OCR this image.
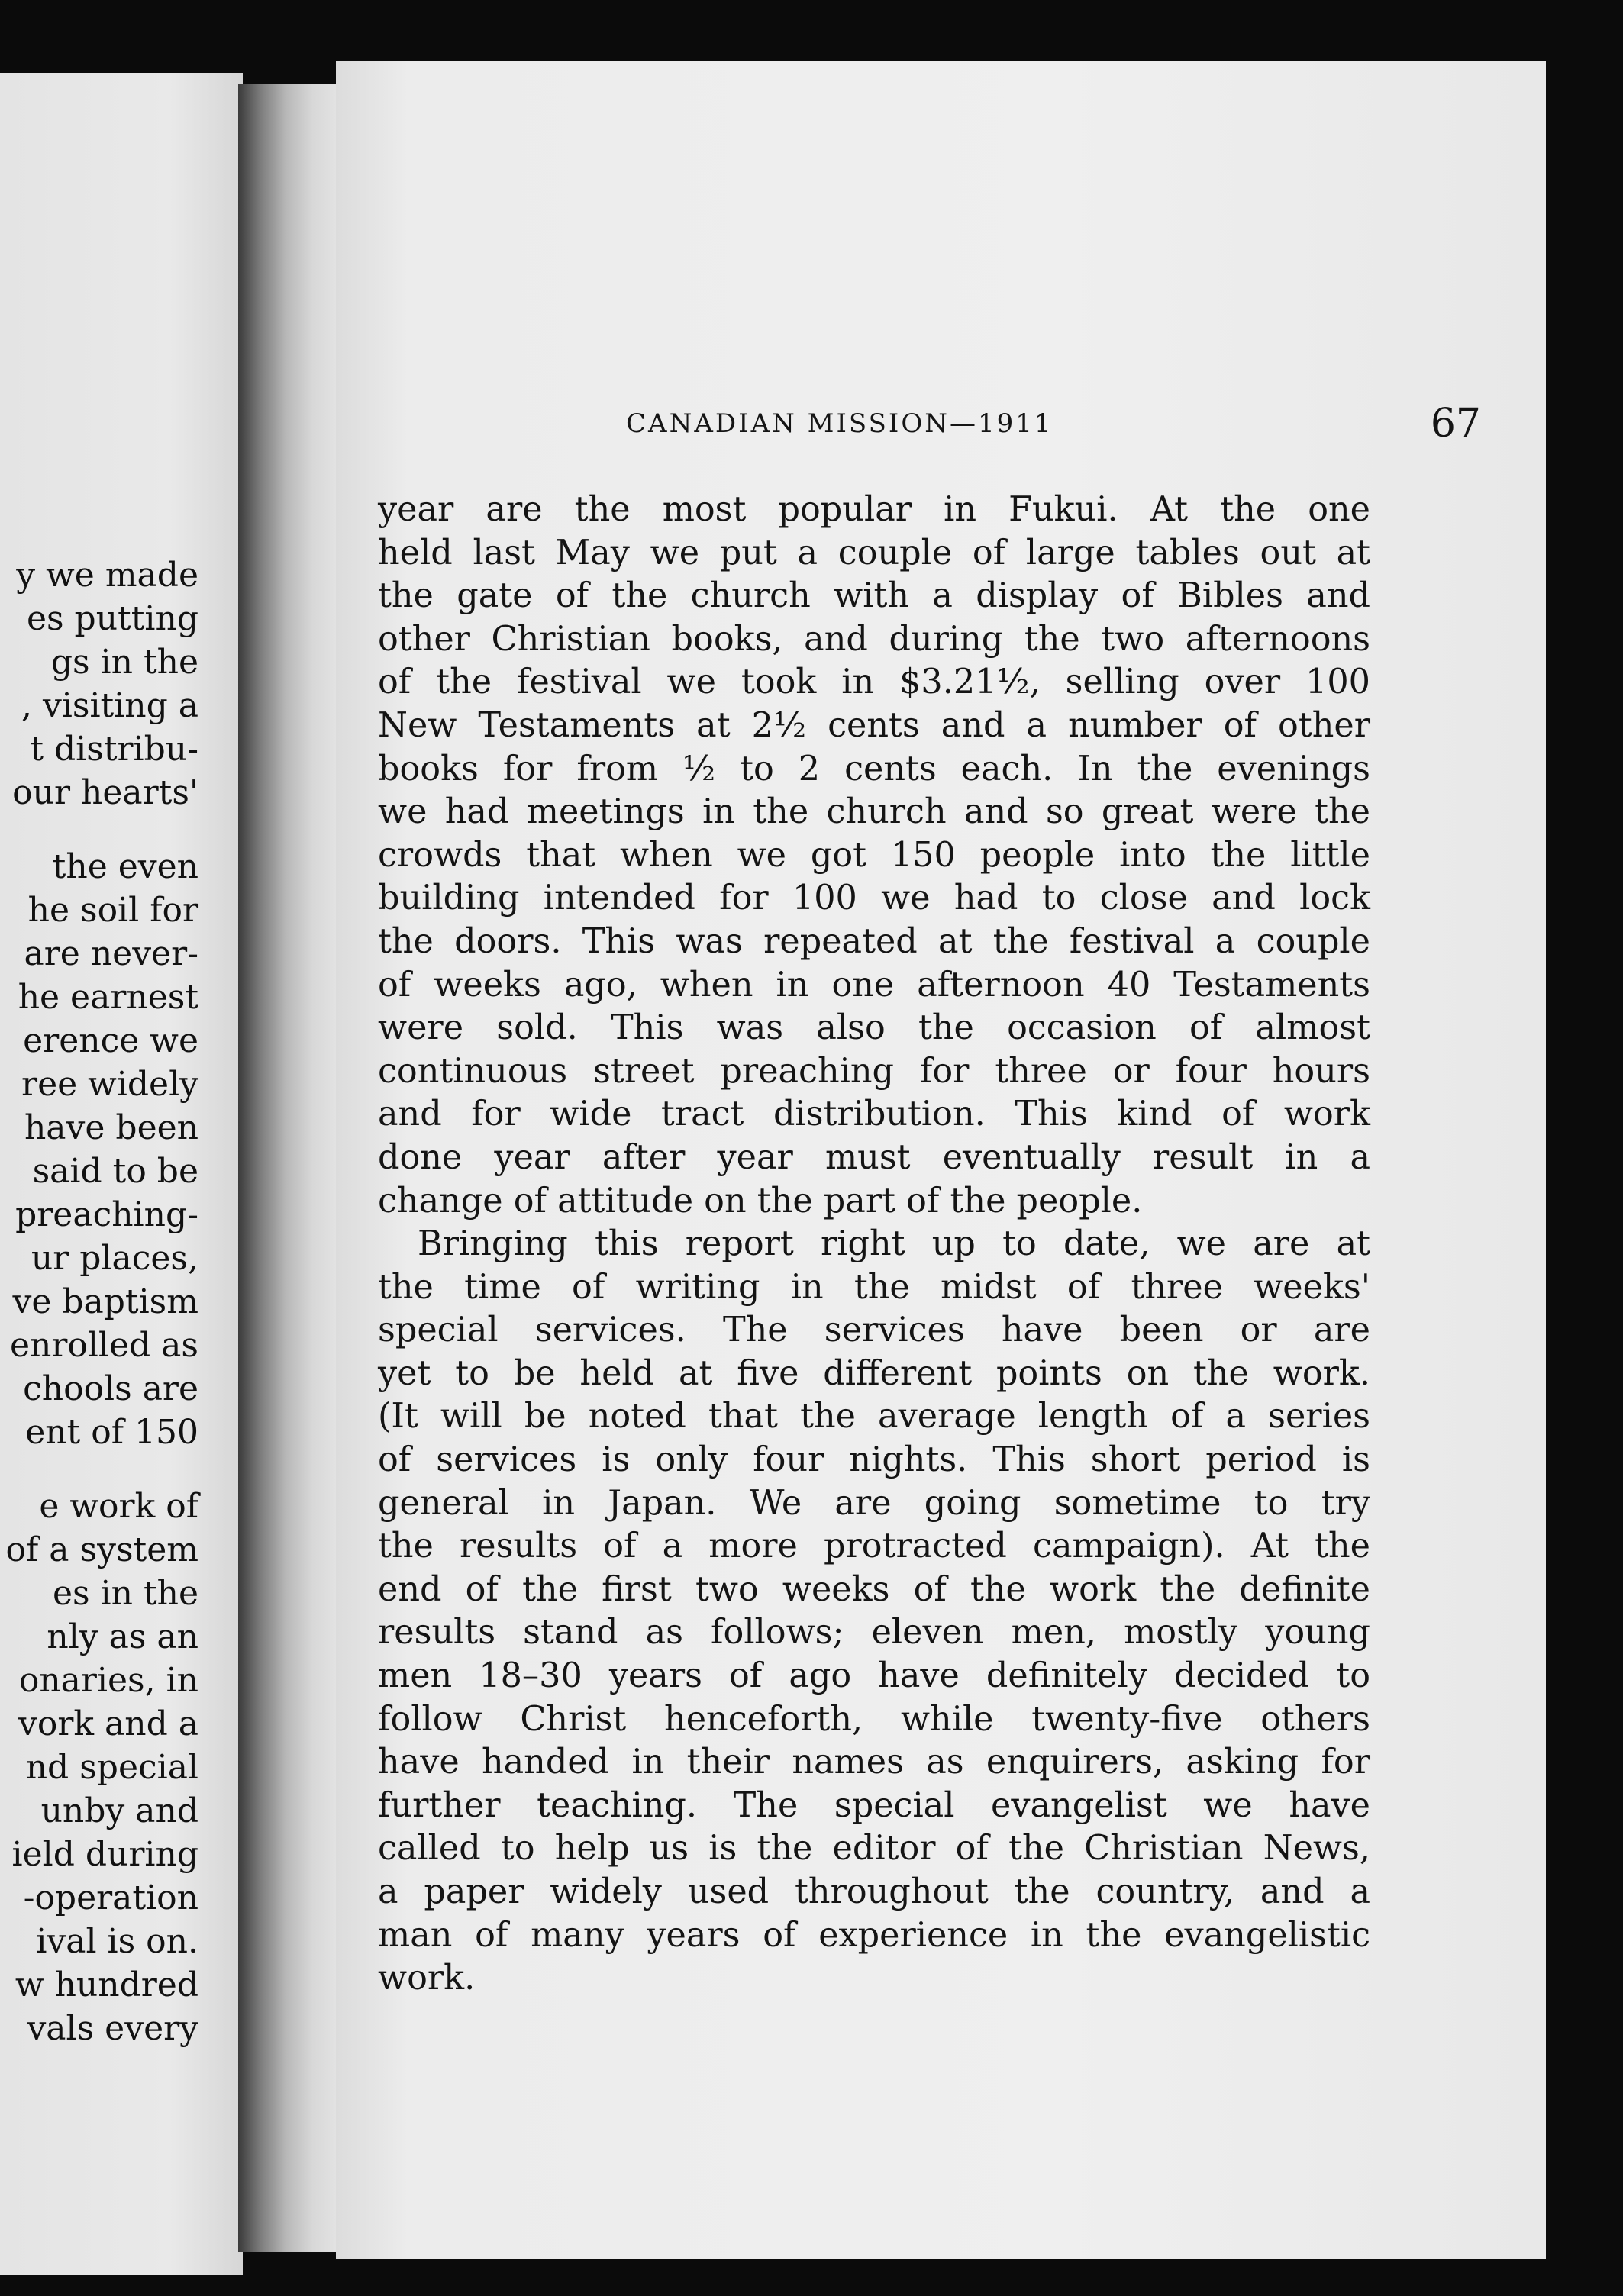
y we made
es putting
gs in the
, visiting a
t distribu-
our hearts'
the even
he soil for
are never-
he earnest
erence we
ree widely
have been
said to be
preaching-
ur places,
ve baptism
enrolled as
chools are
ent of 150
e work of
of a system
es in the
nly as an
onaries, in
vork and a
nd special
unby and
ield during
-operation
ival is on.
w hundred
vals every
CANADIAN MISSION—1911	67
year are the most popular in Fukui. At the one
held last May we put a couple of large tables out at
the gate of the church with a display of Bibles and
other Christian books, and during the two afternoons
of the festival we took in $3.21½, selling over 100
New Testaments at 2½ cents and a number of other
books for from ½ to 2 cents each. In the evenings
we had meetings in the church and so great were the
crowds that when we got 150 people into the little
building intended for 100 we had to close and lock
the doors. This was repeated at the festival a couple
of weeks ago, when in one afternoon 40 Testaments
were sold. This was also the occasion of almost
continuous street preaching for three or four hours
and for wide tract distribution. This kind of work
done year after year must eventually result in a
change of attitude on the part of the people.
Bringing this report right up to date, we are at
the time of writing in the midst of three weeks'
special services. The services have been or are
yet to be held at five different points on the work.
(It will be noted that the average length of a series
of services is only four nights. This short period is
general in Japan. We are going sometime to try
the results of a more protracted campaign). At the
end of the first two weeks of the work the definite
results stand as follows; eleven men, mostly young
men 18–30 years of ago have definitely decided to
follow Christ henceforth, while twenty-five others
have handed in their names as enquirers, asking for
further teaching. The special evangelist we have
called to help us is the editor of the Christian News,
a paper widely used throughout the country, and a
man of many years of experience in the evangelistic
work.
